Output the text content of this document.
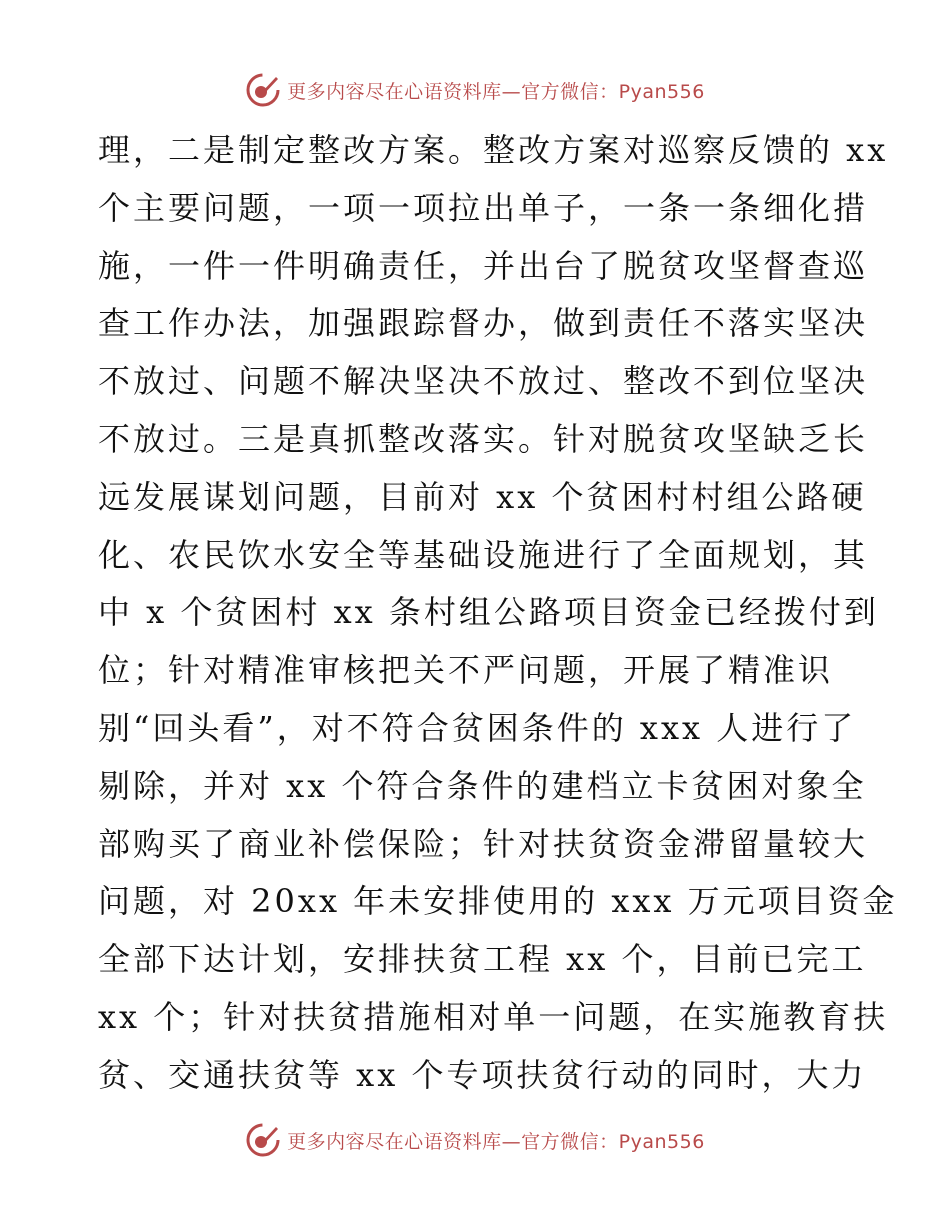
更多内容尽在心语资料库—官方微信：Pyan556
理，二是制定整改方案。整改方案对巡察反馈的 xx
个主要问题，一项一项拉出单子，一条一条细化措
施，一件一件明确责任，并出台了脱贫攻坚督查巡
查工作办法，加强跟踪督办，做到责任不落实坚决
不放过、问题不解决坚决不放过、整改不到位坚决
不放过。三是真抓整改落实。针对脱贫攻坚缺乏长
远发展谋划问题，目前对 xx 个贫困村村组公路硬
化、农民饮水安全等基础设施进行了全面规划，其
中 x 个贫困村 xx 条村组公路项目资金已经拨付到
位；针对精准审核把关不严问题，开展了精准识
别“回头看”，对不符合贫困条件的 xxx 人进行了
剔除，并对 xx 个符合条件的建档立卡贫困对象全
部购买了商业补偿保险；针对扶贫资金滞留量较大
问题，对 20xx 年未安排使用的 xxx 万元项目资金
全部下达计划，安排扶贫工程 xx 个，目前已完工
xx 个；针对扶贫措施相对单一问题，在实施教育扶
贫、交通扶贫等 xx 个专项扶贫行动的同时，大力
更多内容尽在心语资料库—官方微信：Pyan556
